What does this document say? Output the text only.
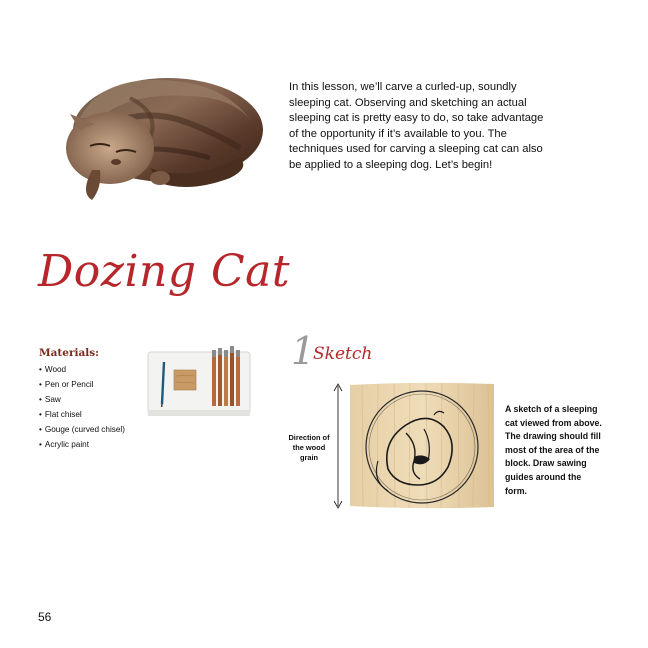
In this lesson, we’ll carve a curled-up, soundly sleeping cat. Observing and sketching an actual sleeping cat is pretty easy to do, so take advantage of the opportunity if it’s available to you. The techniques used for carving a sleeping cat can also be applied to a sleeping dog. Let’s begin!

Dozing Cat
Materials:
• Wood
• Pen or Pencil
• Saw
• Flat chisel
• Gouge (curved chisel)
• Acrylic paint
1
Sketch
Direction of the wood grain
A sketch of a sleeping cat viewed from above. The drawing should fill most of the area of the block. Draw sawing guides around the form.
56
